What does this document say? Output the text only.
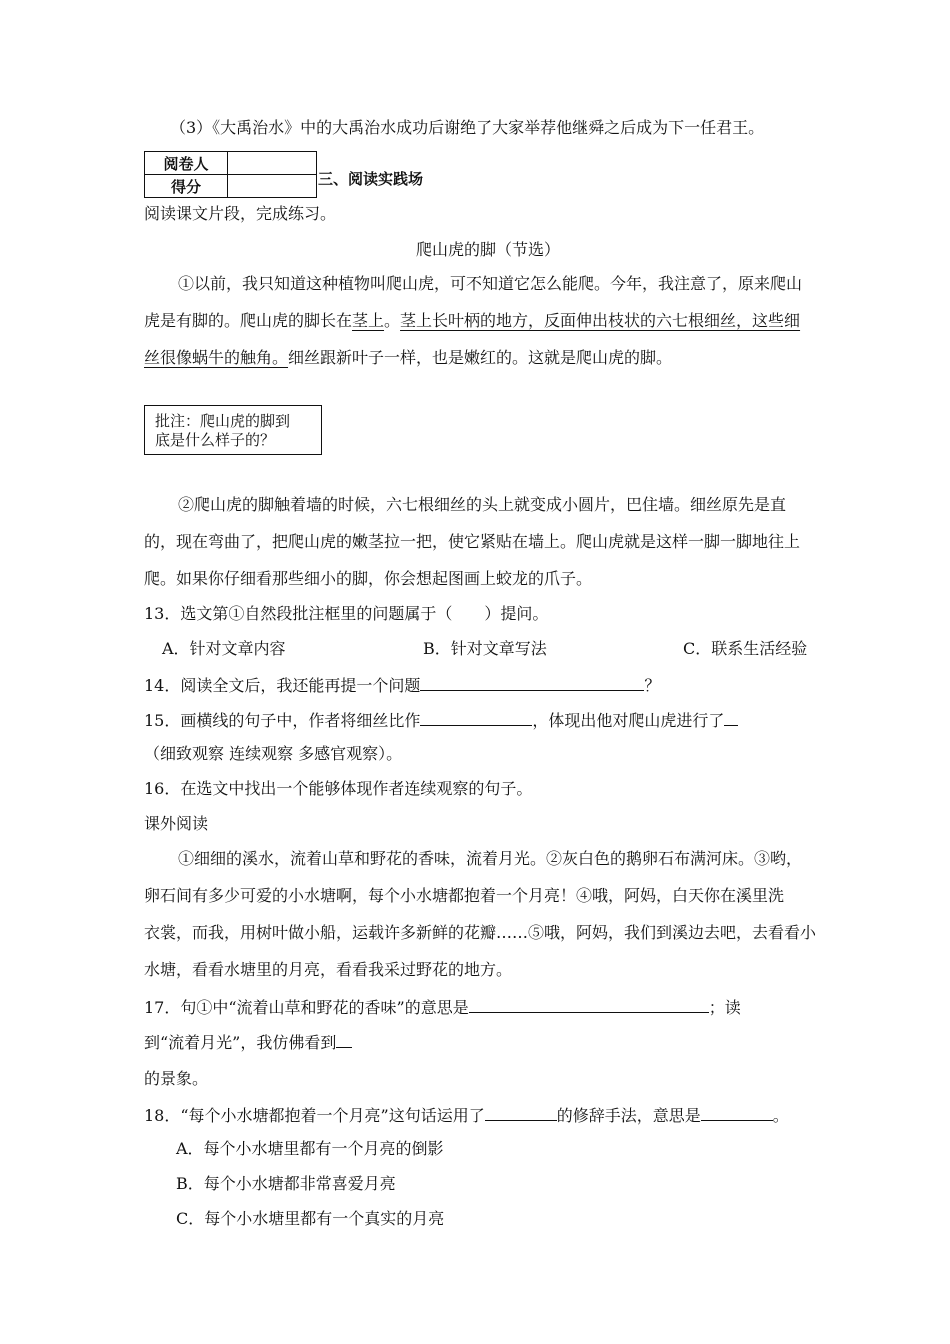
（3）《大禹治水》中的大禹治水成功后谢绝了大家举荐他继舜之后成为下一任君王。
阅卷人	
得分		三、阅读实践场
阅读课文片段，完成练习。
爬山虎的脚（节选）
①以前，我只知道这种植物叫爬山虎，可不知道它怎么能爬。今年，我注意了，原来爬山
虎是有脚的。爬山虎的脚长在茎上。茎上长叶柄的地方，反面伸出枝状的六七根细丝，这些细
丝很像蜗牛的触角。细丝跟新叶子一样，也是嫩红的。这就是爬山虎的脚。
批注：爬山虎的脚到
底是什么样子的？
②爬山虎的脚触着墙的时候，六七根细丝的头上就变成小圆片，巴住墙。细丝原先是直
的，现在弯曲了，把爬山虎的嫩茎拉一把，使它紧贴在墙上。爬山虎就是这样一脚一脚地往上
爬。如果你仔细看那些细小的脚，你会想起图画上蛟龙的爪子。
13．选文第①自然段批注框里的问题属于（　　）提问。
A．针对文章内容	B．针对文章写法	C．联系生活经验
14．阅读全文后，我还能再提一个问题	？
15．画横线的句子中，作者将细丝比作	，体现出他对爬山虎进行了
（细致观察 连续观察 多感官观察）。
16．在选文中找出一个能够体现作者连续观察的句子。
课外阅读
①细细的溪水，流着山草和野花的香味，流着月光。②灰白色的鹅卵石布满河床。③哟，
卵石间有多少可爱的小水塘啊，每个小水塘都抱着一个月亮！④哦，阿妈，白天你在溪里洗
衣裳，而我，用树叶做小船，运载许多新鲜的花瓣……⑤哦，阿妈，我们到溪边去吧，去看看小
水塘，看看水塘里的月亮，看看我采过野花的地方。
17．句①中“流着山草和野花的香味”的意思是	；读
到“流着月光”，我仿佛看到
的景象。
18．“每个小水塘都抱着一个月亮”这句话运用了	的修辞手法，意思是	。
A．每个小水塘里都有一个月亮的倒影
B．每个小水塘都非常喜爱月亮
C．每个小水塘里都有一个真实的月亮
